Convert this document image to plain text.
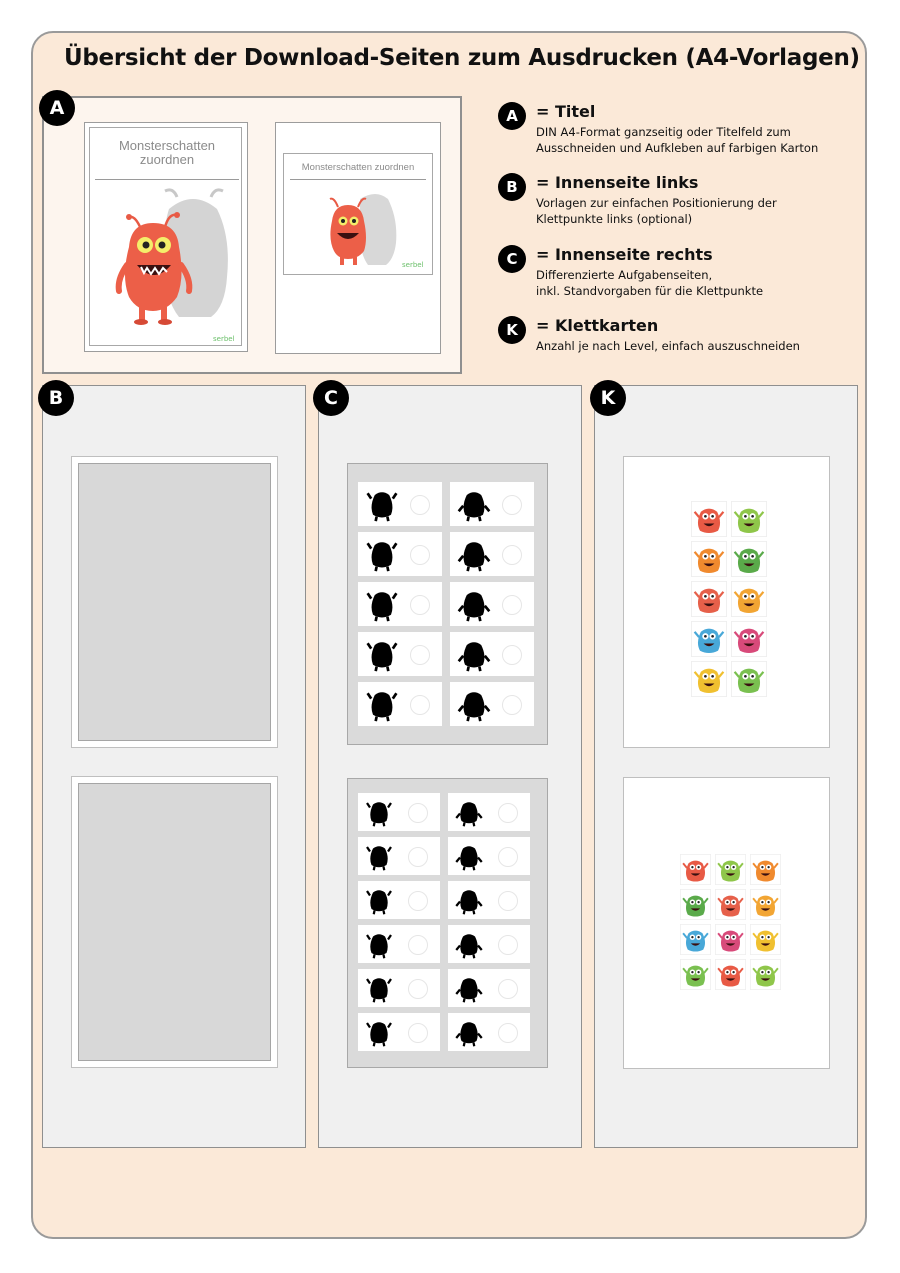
Übersicht der Download-Seiten zum Ausdrucken (A4-Vorlagen)
Monsterschatten zuordnen
serbel
Monsterschatten zuordnen
serbel
A	A	= Titel
DIN A4-Format ganzseitig oder Titelfeld zum
Ausschneiden und Aufkleben auf farbigen Karton
B	= Innenseite links
Vorlagen zur einfachen Positionierung der
Klettpunkte links (optional)
C	= Innenseite rechts
Differenzierte Aufgabenseiten,
inkl. Standvorgaben für die Klettpunkte
K	= Klettkarten
Anzahl je nach Level, einfach auszuschneiden
B	C	K
